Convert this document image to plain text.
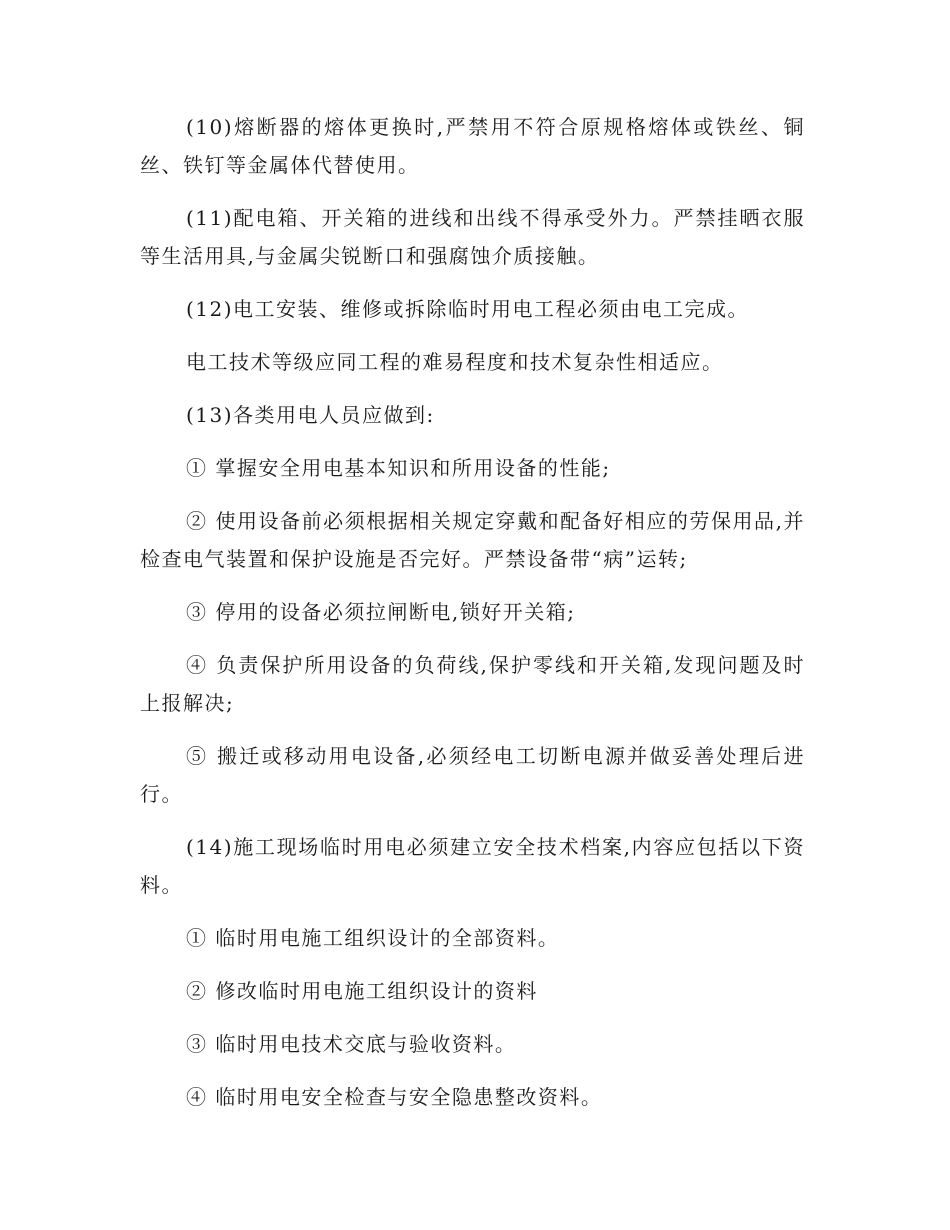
(10)熔断器的熔体更换时,严禁用不符合原规格熔体或铁丝、铜丝、铁钉等金属体代替使用。

(11)配电箱、开关箱的进线和出线不得承受外力。严禁挂晒衣服等生活用具,与金属尖锐断口和强腐蚀介质接触。

(12)电工安装、维修或拆除临时用电工程必须由电工完成。

电工技术等级应同工程的难易程度和技术复杂性相适应。

(13)各类用电人员应做到:

① 掌握安全用电基本知识和所用设备的性能;

② 使用设备前必须根据相关规定穿戴和配备好相应的劳保用品,并检查电气装置和保护设施是否完好。严禁设备带“病”运转;

③ 停用的设备必须拉闸断电,锁好开关箱;

④ 负责保护所用设备的负荷线,保护零线和开关箱,发现问题及时上报解决;

⑤ 搬迁或移动用电设备,必须经电工切断电源并做妥善处理后进行。

(14)施工现场临时用电必须建立安全技术档案,内容应包括以下资料。

① 临时用电施工组织设计的全部资料。

② 修改临时用电施工组织设计的资料

③ 临时用电技术交底与验收资料。

④ 临时用电安全检查与安全隐患整改资料。
